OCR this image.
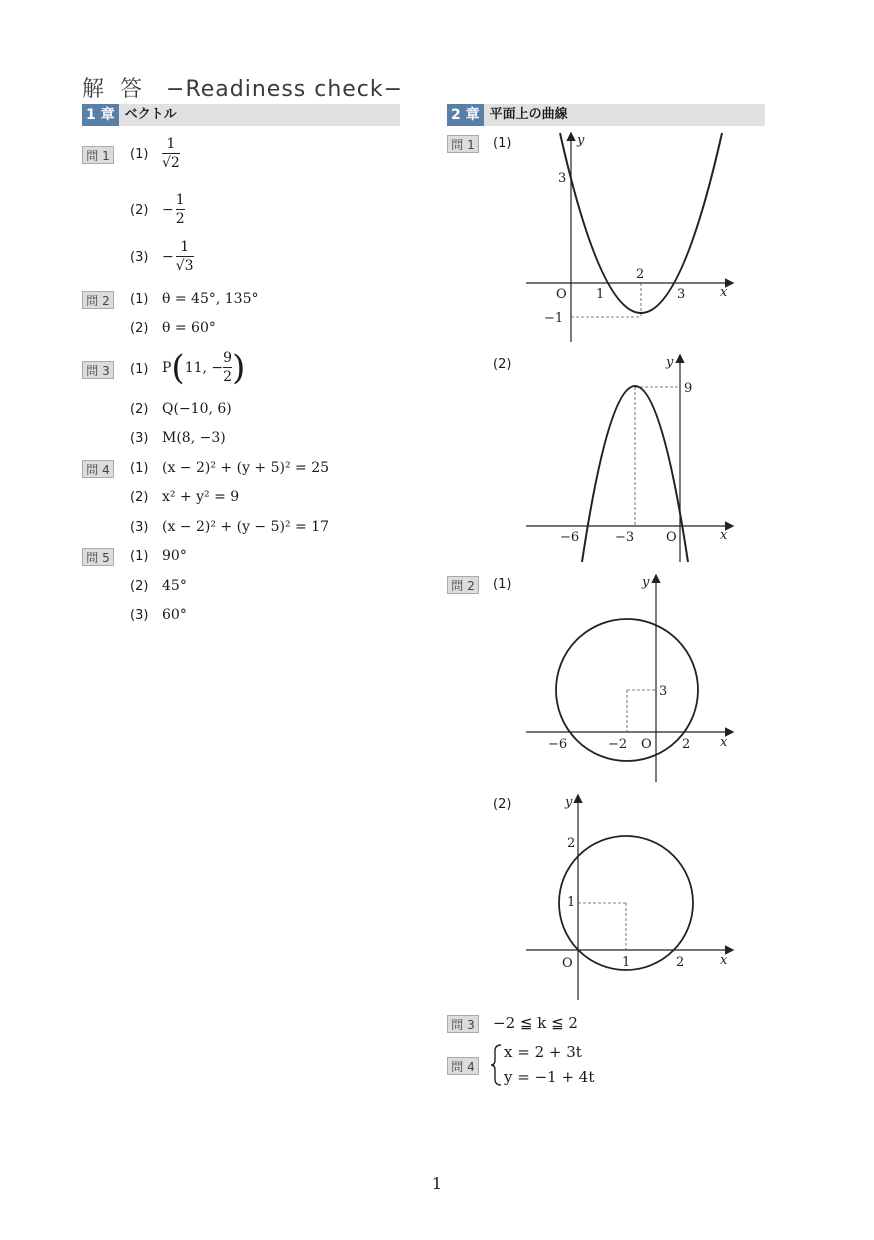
解答 −Readiness check−
1 章 ベクトル	2 章 平面上の曲線
問 1	$(1) \frac{1}{√2}$
$(2) - \frac{1}{2}$
$(3) - \frac{1}{√3}$
問 2	(1) θ = 45°, 135°
(2) θ = 60°
問 3	(1) P(11, − $\frac{9}{2}$ )
(2) Q(−10, 6)
(3) M(8, −3)
問 4	(1) (x − 2)² + (y + 5)² = 25
(2) x² + y² = 9
(3) (x − 2)² + (y − 5)² = 17
問 5	(1) 90°
(2) 45°
(3) 60°
問 1	(1)
(2)
問 2	(1)
(2)
y
x
O
3
1
2
3
−1
y
x
O
9
−6	−3
y
x
O
3
−6	−2	2
y
x
O
2
1
1	2
問 3 −2 ≦ k ≦ 2
問 4
x = 2 + 3t
y = −1 + 4t
1
